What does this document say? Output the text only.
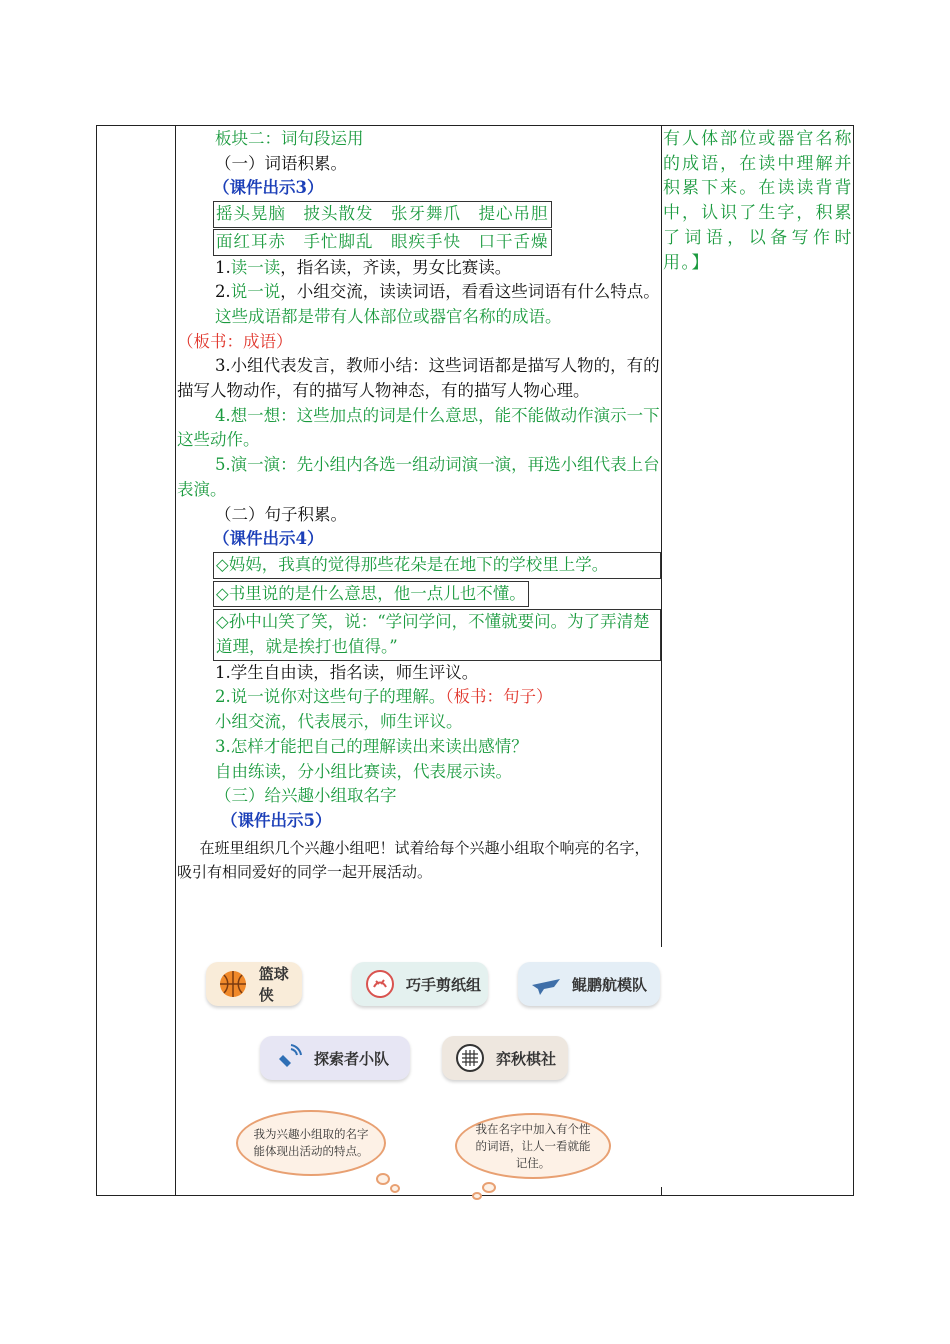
板块二：词句段运用

（一）词语积累。

（课件出示3）

摇头晃脑　披头散发　张牙舞爪　提心吊胆

面红耳赤　手忙脚乱　眼疾手快　口干舌燥

1.读一读，指名读，齐读，男女比赛读。

2.说一说，小组交流，读读词语，看看这些词语有什么特点。

这些成语都是带有人体部位或器官名称的成语。（板书：成语）

3.小组代表发言，教师小结：这些词语都是描写人物的，有的描写人物动作，有的描写人物神态，有的描写人物心理。

4.想一想：这些加点的词是什么意思，能不能做动作演示一下这些动作。

5.演一演：先小组内各选一组动词演一演，再选小组代表上台表演。

（二）句子积累。

（课件出示4）

◇妈妈，我真的觉得那些花朵是在地下的学校里上学。

◇书里说的是什么意思，他一点儿也不懂。

◇孙中山笑了笑，说：“学问学问，不懂就要问。为了弄清楚道理，就是挨打也值得。”

1.学生自由读，指名读，师生评议。

2.说一说你对这些句子的理解。（板书：句子）

小组交流，代表展示，师生评议。

3.怎样才能把自己的理解读出来读出感情？

自由练读，分小组比赛读，代表展示读。

（三）给兴趣小组取名字

（课件出示5）

在班里组织几个兴趣小组吧！试着给每个兴趣小组取个响亮的名字，吸引有相同爱好的同学一起开展活动。

有人体部位或器官名称的成语，在读中理解并积累下来。在读读背背中，认识了生字，积累了词语，以备写作时用。】
篮球侠
巧手剪纸组	鲲鹏航模队
探索者小队	弈秋棋社
我为兴趣小组取的名字能体现出活动的特点。
我在名字中加入有个性的词语，让人一看就能记住。
